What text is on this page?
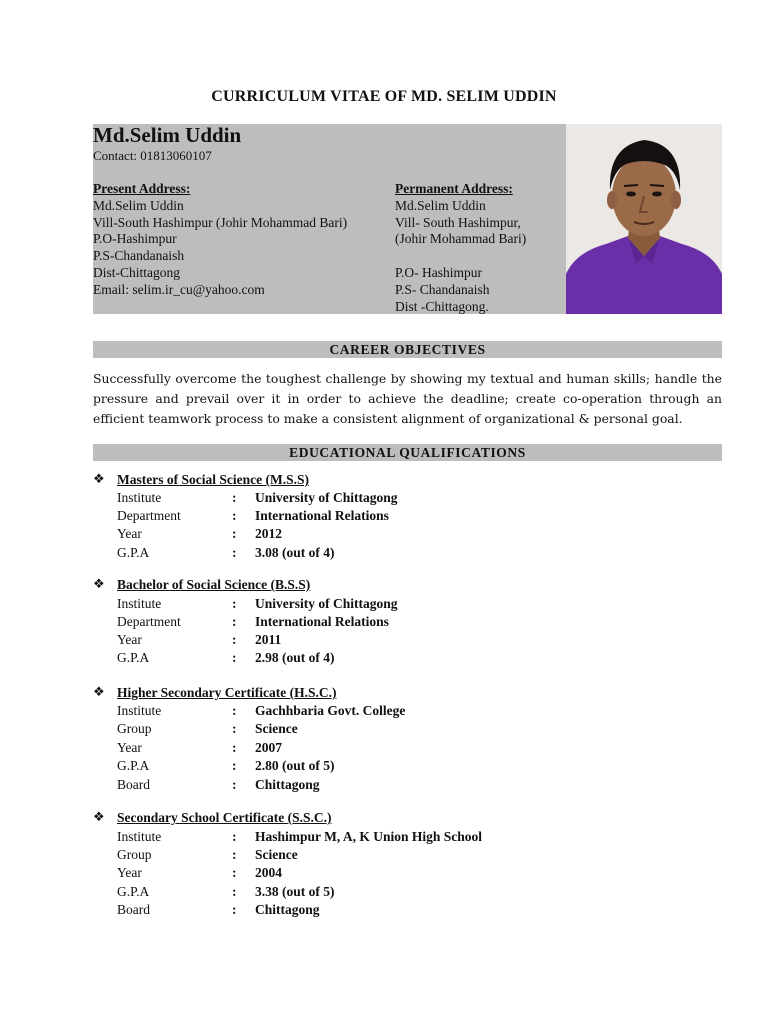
CURRICULUM VITAE OF MD. SELIM UDDIN
Md.Selim Uddin
Contact: 01813060107
Present Address:
Md.Selim Uddin
Vill-South Hashimpur (Johir Mohammad Bari)
P.O-Hashimpur
P.S-Chandanaish
Dist-Chittagong
Email: selim.ir_cu@yahoo.com
Permanent Address:
Md.Selim Uddin
Vill- South Hashimpur,
(Johir Mohammad Bari)
P.O- Hashimpur
P.S- Chandanaish
Dist -Chittagong.
CAREER OBJECTIVES
Successfully overcome the toughest challenge by showing my textual and human skills; handle the pressure and prevail over it in order to achieve the deadline; create co-operation through an efficient teamwork process to make a consistent alignment of organizational & personal goal.
EDUCATIONAL QUALIFICATIONS
❖ Masters of Social Science (M.S.S)
Institute	: University of Chittagong
Department	: International Relations
Year	: 2012
G.P.A	: 3.08 (out of 4)
❖ Bachelor of Social Science (B.S.S)
Institute	: University of Chittagong
Department	: International Relations
Year	: 2011
G.P.A	: 2.98 (out of 4)
❖ Higher Secondary Certificate (H.S.C.)
Institute	: Gachhbaria Govt. College
Group	: Science
Year	: 2007
G.P.A	: 2.80 (out of 5)
Board	: Chittagong
❖ Secondary School Certificate (S.S.C.)
Institute	: Hashimpur M, A, K Union High School
Group	: Science
Year	: 2004
G.P.A	: 3.38 (out of 5)
Board	: Chittagong
